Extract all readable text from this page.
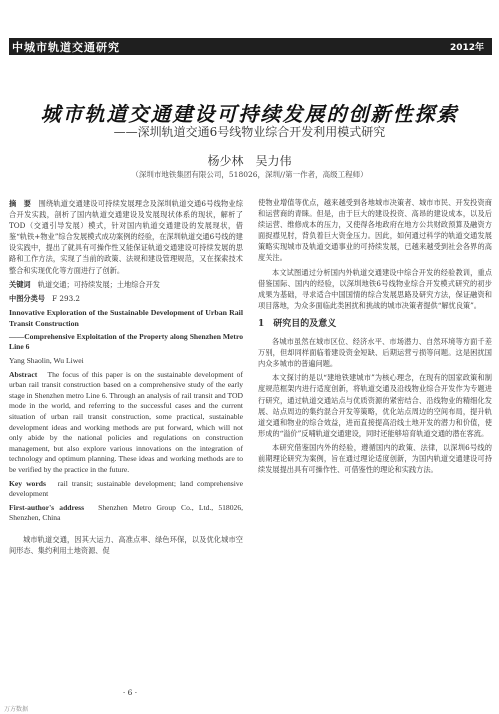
中城市轨道交通研究	2012年
城市轨道交通建设可持续发展的创新性探索
——深圳轨道交通6号线物业综合开发利用模式研究
杨少林　吴力伟
（深圳市地铁集团有限公司，518026，深圳//第一作者，高级工程师）

摘　要　 围绕轨道交通建设可持续发展理念及深圳轨道交通6号线物业综合开发实践，剖析了国内轨道交通建设及发展现状体系的现状，解析了TOD（交通引导发展）模式，针对国内轨道交通建设的发展现状，借鉴“轨铁+物业”综合发展模式成功案例的经验，在深圳轨道交通6号线的建设实践中，提出了就具有可操作性又能保证轨道交通建设可持续发展的思路和工作方法，实现了当前的政策、法规和建设管理规范，又在探索技术整合和实现优化等方面进行了创新。

关键词　 轨道交通；可持续发展；土地综合开发

中图分类号　 F 293.2

Innovative Exploration of the Sustainable Development of Urban Rail Transit Construction

——Comprehensive Exploitation of the Property along Shenzhen Metro Line 6

Yang Shaolin, Wu Liwei

Abstract　 The focus of this paper is on the sustainable development of urban rail transit construction based on a comprehensive study of the early stage in Shenzhen metro Line 6. Through an analysis of rail transit and TOD mode in the world, and referring to the successful cases and the current situation of urban rail transit construction, some practical, sustainable development ideas and working methods are put forward, which will not only abide by the national policies and regulations on construction management, but also explore various innovations on the integration of technology and optimum planning. These ideas and working methods are to be verified by the practice in the future.

Key words　 rail transit; sustainable development; land comprehensive development

First-author's address　 Shenzhen Metro Group Co., Ltd., 518026, Shenzhen, China

城市轨道交通，因其大运力、高准点率、绿色环保，以及优化城市空间形态、集约利用土地资源、促

使物业增值等优点，越来越受到各地城市决策者、城市市民、开发投资商和运营商的青睐。但是，由于巨大的建设投资、高昂的建设成本，以及后续运营、维修成本的压力，又使得各地政府在地方公共财政预算及融资方面捉襟见肘，背负着巨大资金压力。因此，如何通过科学的轨道交通发展策略实现城市及轨道交通事业的可持续发展，已越来越受到社会各界的高度关注。

本文试图通过分析国内外轨道交通建设中综合开发的经验教训，重点借鉴国际、国内的经验，以深圳地铁6号线物业综合开发模式研究的初步成果为基础，寻求适合中国国情的综合发展思路及研究方法，保证融资和项目落地，为众多面临此类困扰和挑战的城市决策者提供“解忧良策”。

1　研究目的及意义

各城市虽然在城市区位、经济水平、市场潜力、自然环境等方面千差万别，但却同样面临着建设资金短缺、后期运营亏损等问题。这是困扰国内众多城市的普遍问题。

本文探讨的是以“建地铁建城市”为核心理念，在现有的国家政策和制度规范框架内进行适度创新，将轨道交通及沿线物业综合开发作为专题进行研究，通过轨道交通站点与优质资源的紧密结合、沿线物业的精细化发展、站点周边的集约混合开发等策略，优化站点周边的空间布局，提升轨道交通和物业的综合效益，进而直接提高沿线土地开发的潜力和价值，使形成的“溢价”反哺轨道交通建设，同时还能够培育轨道交通的潜在客流。

本研究借鉴国内外的经验，遵循国内的政策、法律，以深圳6号线的前期理论研究为案例，旨在通过理论适度创新，为国内轨道交通建设可持续发展提出具有可操作性、可借鉴性的理论和实践方法。

· 6 ·
万方数据
